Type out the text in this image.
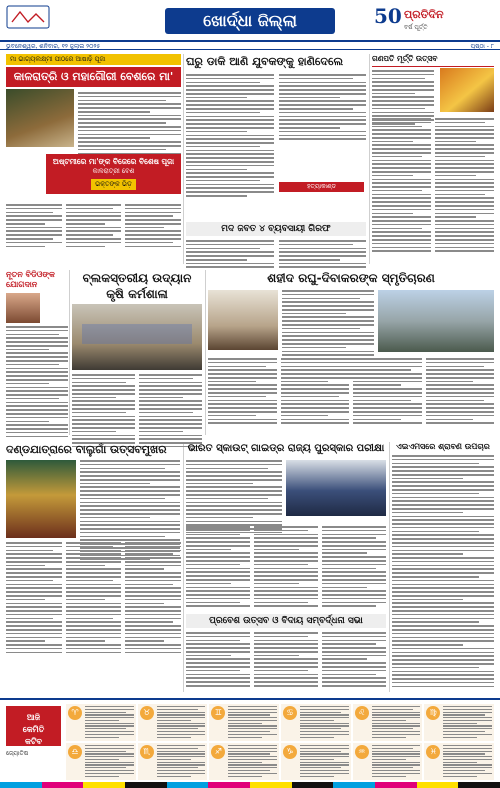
ଖୋର୍ଦ୍ଧା ଜିଲ୍ଲା	50 ପ୍ରତିଦିନ
ବର୍ଷ ପୂର୍ତ୍ତି
ଭୁବନେଶ୍ୱର, ଶନିବାର, ୧୨ ଜୁଲାଇ ୨୦୨୫	ପୃଷ୍ଠା - ୮
ମା ଭାଗ୍ୟଲକ୍ଷ୍ମୀ ପୀଠରେ ଆଷାଢ଼ି ପୂଜା
କାଳରାତ୍ରି ଓ ମହାଗୌରୀ ବେଶରେ ମା'
ଅଷ୍ଟମୀରେ ମା'ଙ୍କ ବିଜେରେ ବିଶେଷ ପୂଜା
କାଳରାତ୍ରୀ ବେଶ
ଭକ୍ତଙ୍କ ଭିଡ଼
ଘରୁ ଡାକି ଆଣି ଯୁବକଙ୍କୁ ହାଣିଦେଲେ
ହତ୍ୟାକାଣ୍ଡ
ମଦ ଜବତ ୪ ବ୍ୟବସାୟୀ ଗିରଫ
ଗଣପତି ମୂର୍ତ୍ତି ଉତ୍ସବ
ନୂତନ ବିଡିଓଙ୍କ ଯୋଗଦାନ	ବ୍ଲକସ୍ତରୀୟ ଉଦ୍ୟାନ କୃଷି କର୍ମଶାଳା
ଶହୀଦ ରଘୁ-ଦିବାକରଙ୍କ ସ୍ମୃତିଚାରଣ
ଦଣ୍ଡଯାତ୍ରାରେ ବାଲୁଗାଁ ଉତ୍ସବମୁଖର	ଭାରତ ସ୍କାଉଟ୍ ଗାଇଡ୍‌ର ରାଜ୍ୟ ପୁରସ୍କାର ପରୀକ୍ଷା
ପ୍ରବେଶ ଉତ୍ସବ ଓ ବିଦାୟ ସମ୍ବର୍ଦ୍ଧନା ସଭା
ଏଇଏମସରେ ଶ୍ରାବଣ ଉପଚାର
ଆଜି
କେମିତି
କଟିବ
ଜ୍ୟୋତିଷ
♈	♉	♊	♋	♌	♍
♎	♏	♐	♑	♒	♓
